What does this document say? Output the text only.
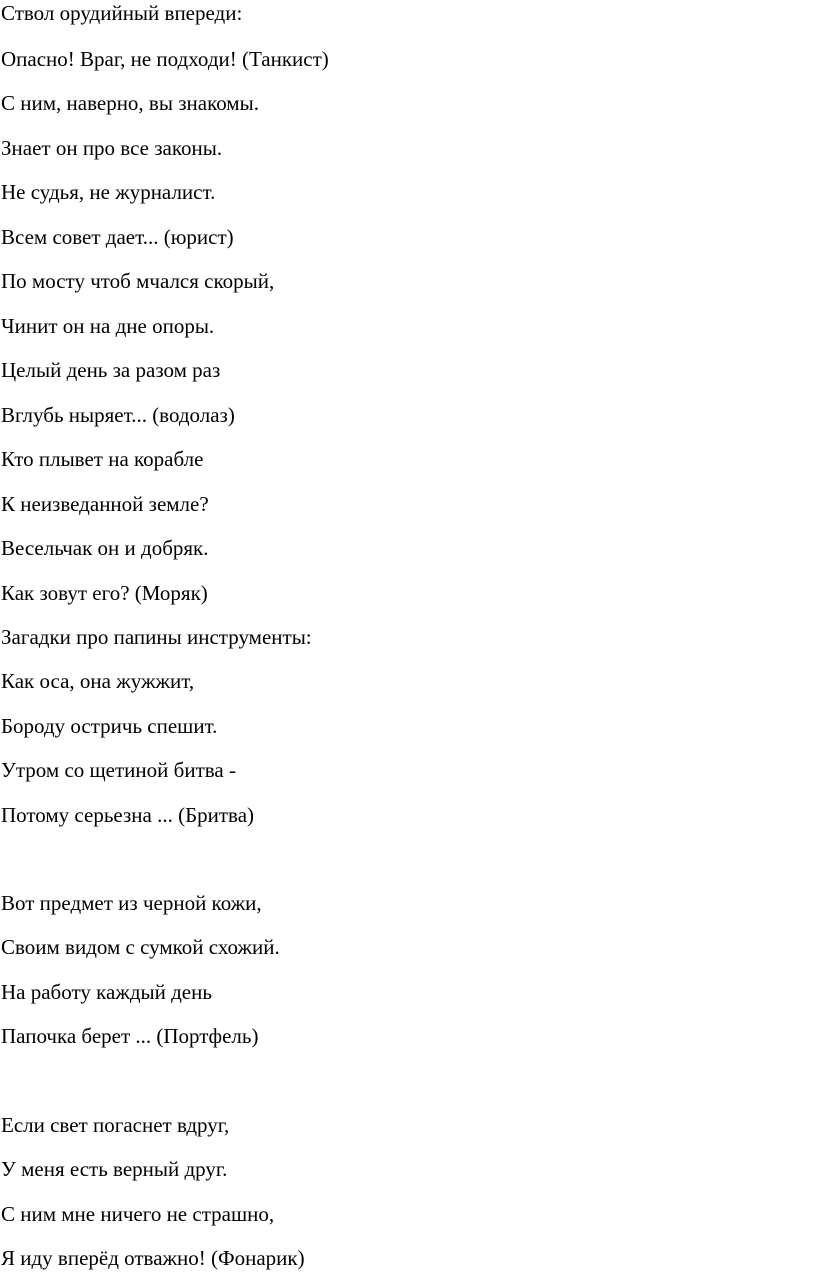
Ствол орудийный впереди:
Опасно! Враг, не подходи! (Танкист)
С ним, наверно, вы знакомы.
Знает он про все законы.
Не судья, не журналист.
Всем совет дает... (юрист)
По мосту чтоб мчался скорый,
Чинит он на дне опоры.
Целый день за разом раз
Вглубь ныряет... (водолаз)
Кто плывет на корабле
К неизведанной земле?
Весельчак он и добряк.
Как зовут его? (Моряк)
Загадки про папины инструменты:
Как оса, она жужжит,
Бороду остричь спешит.
Утром со щетиной битва -
Потому серьезна ... (Бритва)
Вот предмет из черной кожи,
Своим видом с сумкой схожий.
На работу каждый день
Папочка берет ... (Портфель)
Если свет погаснет вдруг,
У меня есть верный друг.
С ним мне ничего не страшно,
Я иду вперёд отважно! (Фонарик)
